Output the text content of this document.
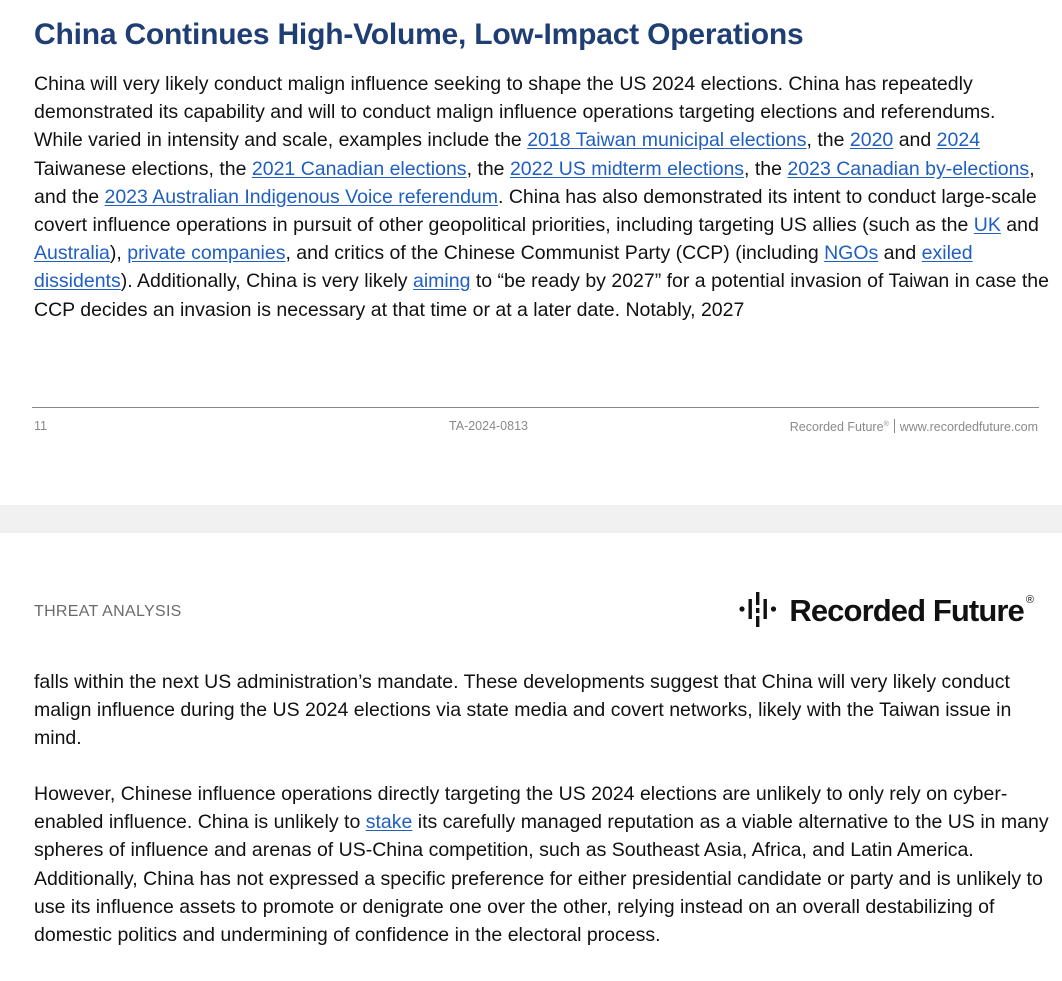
China Continues High-Volume, Low-Impact Operations

China will very likely conduct malign influence seeking to shape the US 2024 elections. China has repeatedly demonstrated its capability and will to conduct malign influence operations targeting elections and referendums. While varied in intensity and scale, examples include the 2018 Taiwan municipal elections, the 2020 and 2024 Taiwanese elections, the 2021 Canadian elections, the 2022 US midterm elections, the 2023 Canadian by-elections, and the 2023 Australian Indigenous Voice referendum. China has also demonstrated its intent to conduct large-scale covert influence operations in pursuit of other geopolitical priorities, including targeting US allies (such as the UK and Australia), private companies, and critics of the Chinese Communist Party (CCP) (including NGOs and exiled dissidents). Additionally, China is very likely aiming to “be ready by 2027” for a potential invasion of Taiwan in case the CCP decides an invasion is necessary at that time or at a later date. Notably, 2027

11	TA-2024-0813	Recorded Future® www.recordedfuture.com
THREAT ANALYSIS	Recorded Future ®

falls within the next US administration’s mandate. These developments suggest that China will very likely conduct malign influence during the US 2024 elections via state media and covert networks, likely with the Taiwan issue in mind.

However, Chinese influence operations directly targeting the US 2024 elections are unlikely to only rely on cyber-enabled influence. China is unlikely to stake its carefully managed reputation as a viable alternative to the US in many spheres of influence and arenas of US-China competition, such as Southeast Asia, Africa, and Latin America. Additionally, China has not expressed a specific preference for either presidential candidate or party and is unlikely to use its influence assets to promote or denigrate one over the other, relying instead on an overall destabilizing of domestic politics and undermining of confidence in the electoral process.
